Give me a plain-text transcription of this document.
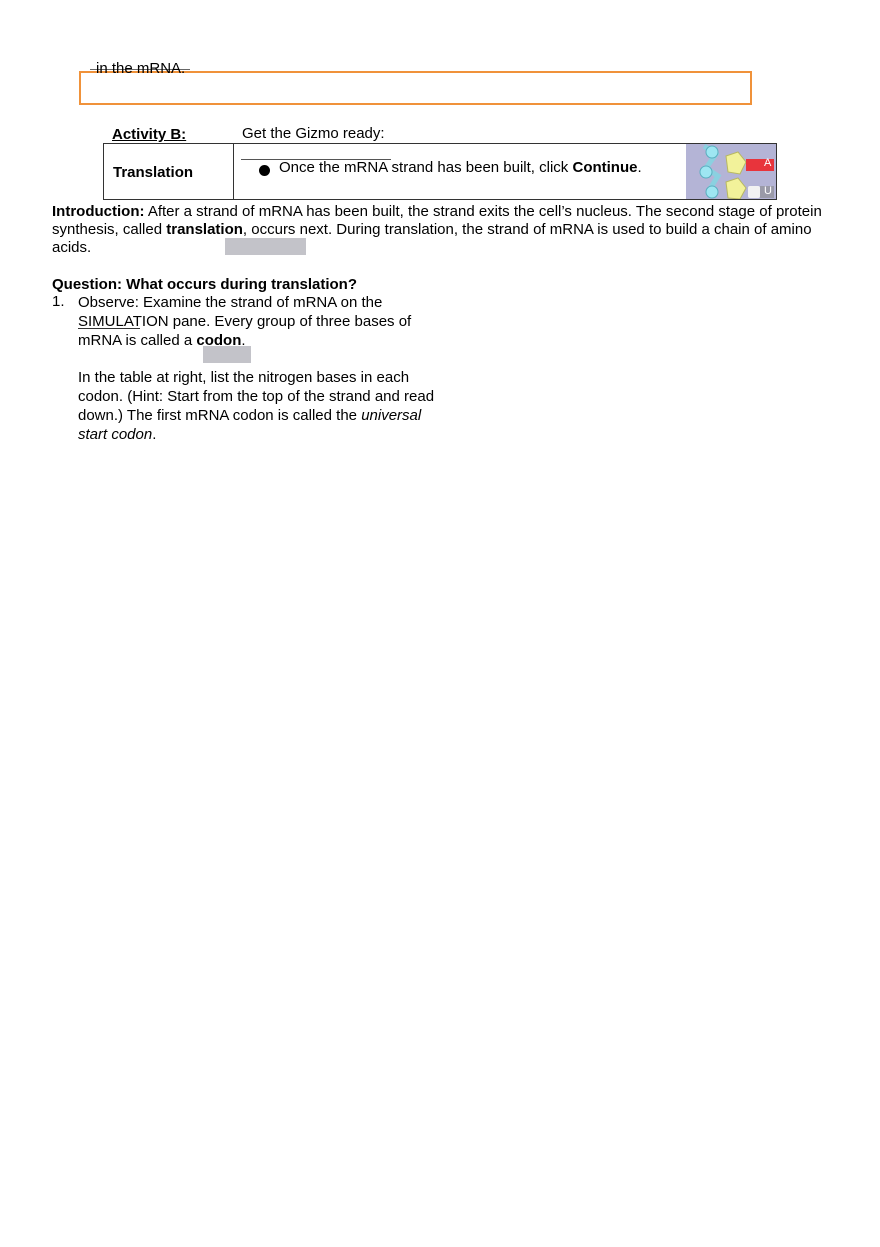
in the mRNA.
Activity B:	Get the Gizmo ready:
Translation	Once the mRNA strand has been built, click Continue.	A
U
Introduction: After a strand of mRNA has been built, the strand exits the cell’s nucleus. The second stage of protein synthesis, called translation, occurs next. During translation, the strand of mRNA is used to build a chain of amino acids.
Question: What occurs during translation?
1. Observe: Examine the strand of mRNA on the SIMULATION pane. Every group of three bases of mRNA is called a codon.

In the table at right, list the nitrogen bases in each codon. (Hint: Start from the top of the strand and read down.) The first mRNA codon is called the universal start codon.
